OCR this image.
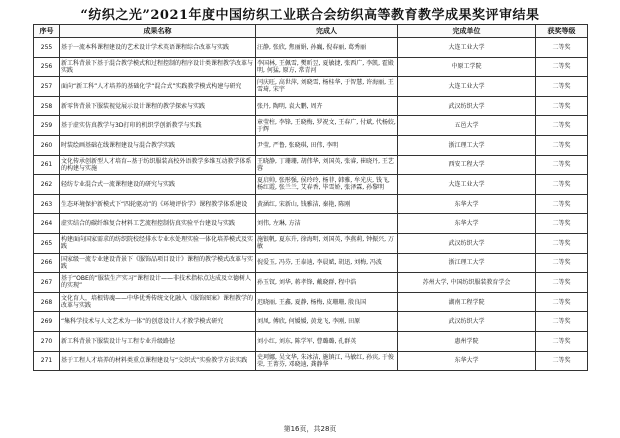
“纺织之光”2021年度中国纺织工业联合会纺织高等教育教学成果奖评审结果
序号	成果名称	完成人	完成单位	获奖等级
255	基于一流本科课程建设的艺术设计学术英语课程综合改革与实践	汪静, 张欣, 焦丽娟, 孙巍, 倪春丽, 葛秀丽	大连工业大学	二等奖
256	新工科背景下基于混合教学模式和过程控制的程序设计类课程教学改革与实践	李国林, 王佩雪, 樊昕昱, 夏敏捷, 张西广, 李凯, 霍殿明, 何猛, 原方, 常青河	中原工学院	二等奖
257	面向“新工科”人才培养的基础化学“混合式”实践教学模式构建与研究	闫庆旺, 高世萍, 刘晓雪, 杨桂华, 于智慧, 许海丽, 王雪琦, 宋宇	大连工业大学	二等奖
258	新零售背景下服装视觉展示设计课程的教学探索与实践	张丹, 陶明, 袁大鹏, 周卉	武汉纺织大学	二等奖
259	基于虚实仿真教学与3D打印的机织学创新教学与实践	章莹柱, 李锋, 王晓梅, 罗祝文, 王春广, 付斌, 代杨姣, 于辉	五邑大学	二等奖
260	时装绘画基础在线课程建设与混合教学实践	尹莹, 严鲁, 张晓琪, 田伟, 李明	浙江理工大学	二等奖
261	文化传承创新型人才培育--基于纺织服装高校外语教学多维互动教学体系的构建与实施	王晓静, 丁珊珊, 胡伟华, 刘国英, 张睿, 崔晓丹, 王艺蓉	西安工程大学	二等奖
262	轻纺专业混合式一流课程建设的研究与实践	夏启帅, 张彤强, 侯玲玲, 杨菲, 韩雅, 牟光庆, 钱飞, 杨红霞, 张兰兰, 艾春香, 毕雪娇, 张泽霖, 孙黎明	大连工业大学	二等奖
263	生态环境保护新模式下“四轮驱动”的《环境评价学》课程教学体系建设	黄涵红, 宋新山, 钱雅洁, 秦艳, 陈刚	东华大学	二等奖
264	虚实结合的碳纤维复合材料工艺流程控制仿真实验平台建设与实践	刘伟, 左琳, 方洁	东华大学	二等奖
265	构建面向国家需求的纺织院校经排水专业水处理实验一体化培养模式及实践	施银帆, 夏东升, 徐海明, 刘国英, 李燕莉, 钟振兴, 万敏	武汉纺织大学	二等奖
266	国家级一流专业建设背景下《服饰品项目设计》课程的教学模式改革与实践	倪爱玉, 冯芬, 王泰迪, 李晨斌, 胡迅, 刘梅, 冯波	浙江理工大学	二等奖
267	基于“OBE的”服装生产实习”课程设计——非技术指标点达成及立德树人的实现”	孙玉钗, 刘华, 蒋孝锋, 戴晓群, 程中浩	苏州大学, 中国纺织服装教育学会	二等奖
268	文化育人，培根铸魂——中华优秀传统文化融入《服饰图案》课程教学的改革与实践	迟晓丽, 王鑫, 夏静, 杨梅, 皮珊珊, 殷良国	湖南工程学院	二等奖
269	“集科学技术与人文艺术为一体”的创意设计人才教学模式研究	刘凤, 傅欣, 何媛媛, 黄龙飞, 李刚, 田原	武汉纺织大学	二等奖
270	新工科背景下服装设计与工程专业升级路径	刘小红, 刘东, 陈学军, 曹璐璐, 孔群英	惠州学院	二等奖
271	基于工程人才培养的材料类重点课程建设与“交织式”实验教学方法实践	史珂娜, 吴文华, 朱冰洁, 施镇江, 马敏红, 孙宾, 于俊荣, 王菁芬, 邓晓迪, 龚静华	东华大学	二等奖
第16页，共28页
